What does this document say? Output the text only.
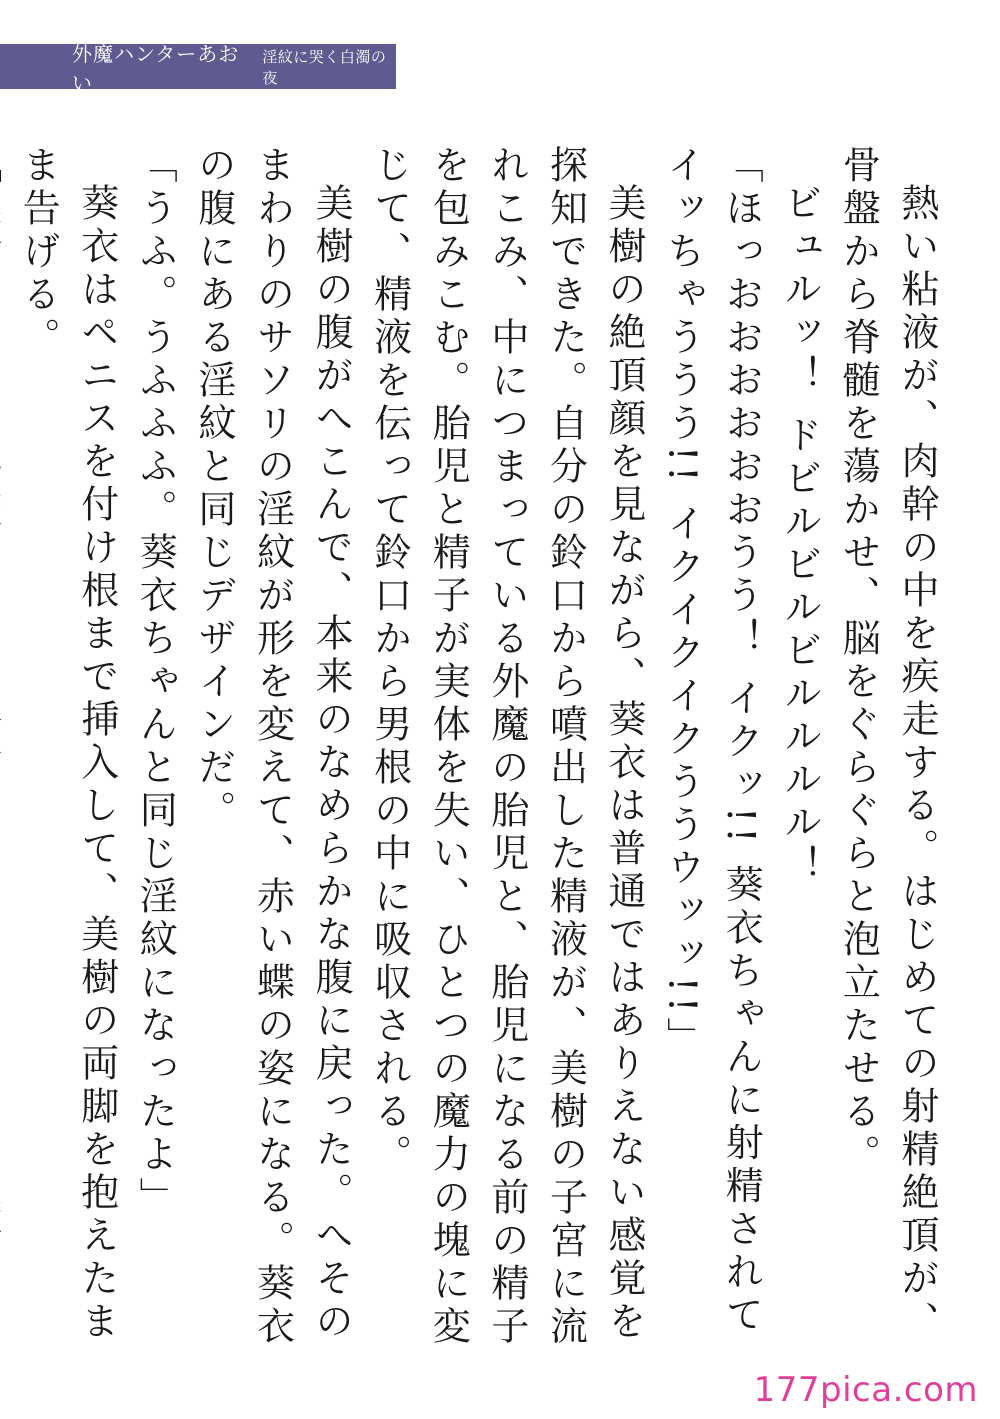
外魔ハンターあおい
淫紋に哭く白濁の夜

熱い粘液が、肉幹の中を疾走する。はじめての射精絶頂が、骨盤から脊髄を蕩かせ、脳をぐらぐらと泡立たせる。

ビュルッ！ ドビルビルビルルルル！

「ほっおおおおおおうう！ イクッ!! 葵衣ちゃんに射精されてイッちゃううう!! イクイクイクううウッッ!!」

美樹の絶頂顔を見ながら、葵衣は普通ではありえない感覚を探知できた。自分の鈴口から噴出した精液が、美樹の子宮に流れこみ、中につまっている外魔の胎児と、胎児になる前の精子を包みこむ。胎児と精子が実体を失い、ひとつの魔力の塊に変じて、精液を伝って鈴口から男根の中に吸収される。

美樹の腹がへこんで、本来のなめらかな腹に戻った。へそのまわりのサソリの淫紋が形を変えて、赤い蝶の姿になる。葵衣の腹にある淫紋と同じデザインだ。

「うふ。うふふふ。葵衣ちゃんと同じ淫紋になったよ」

葵衣はペニスを付け根まで挿入して、美樹の両脚を抱えたまま告げる。

177pica.com
